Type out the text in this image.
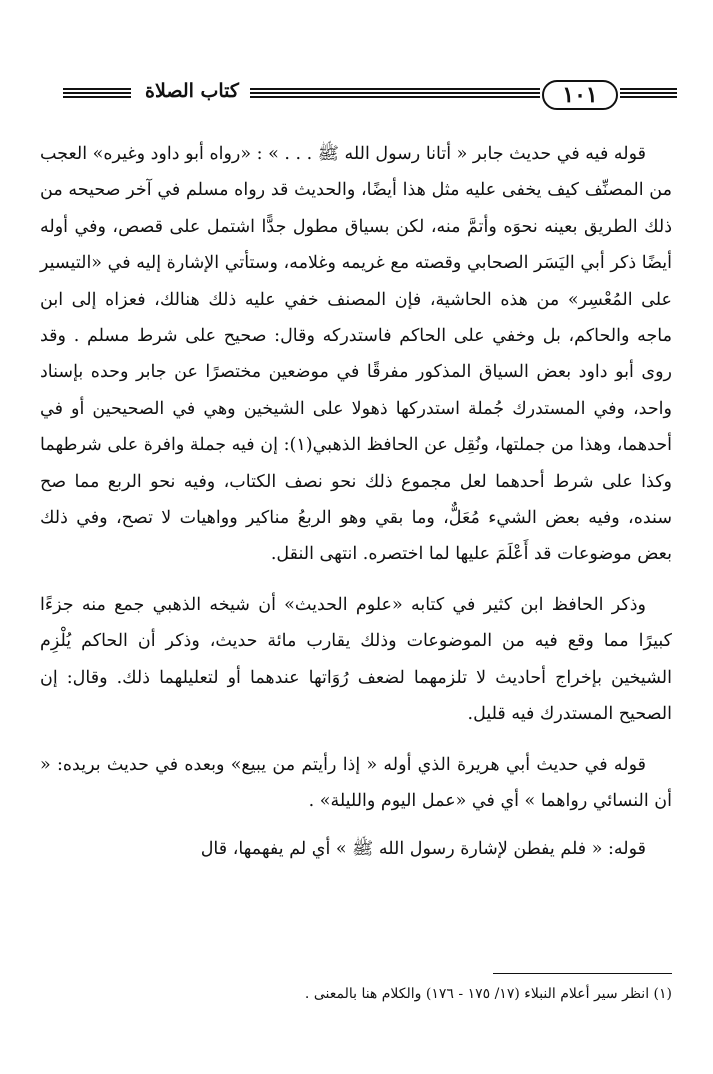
كتاب الصلاة	١٠١

قوله فيه في حديث جابر « أتانا رسول الله ﷺ . . . » : «رواه أبو داود وغيره» العجب من المصنِّف كيف يخفى عليه مثل هذا أيضًا، والحديث قد رواه مسلم في آخر صحيحه من ذلك الطريق بعينه نحوَه وأتمَّ منه، لكن بسياق مطول جدًّا اشتمل على قصص، وفي أوله أيضًا ذكر أبي اليَسَر الصحابي وقصته مع غريمه وغلامه، وستأتي الإشارة إليه في «التيسير على المُعْسِر» من هذه الحاشية، فإن المصنف خفي عليه ذلك هنالك، فعزاه إلى ابن ماجه والحاكم، بل وخفي على الحاكم فاستدركه وقال: صحيح على شرط مسلم . وقد روى أبو داود بعض السياق المذكور مفرقًا في موضعين مختصرًا عن جابر وحده بإسناد واحد، وفي المستدرك جُملة استدركها ذهولا على الشيخين وهي في الصحيحين أو في أحدهما، وهذا من جملتها، ونُقِل عن الحافظ الذهبي(١): إن فيه جملة وافرة على شرطهما وكذا على شرط أحدهما لعل مجموع ذلك نحو نصف الكتاب، وفيه نحو الربع مما صح سنده، وفيه بعض الشيء مُعَلٌّ، وما بقي وهو الربعُ مناكير وواهيات لا تصح، وفي ذلك بعض موضوعات قد أَعْلَمَ عليها لما اختصره. انتهى النقل.

وذكر الحافظ ابن كثير في كتابه «علوم الحديث» أن شيخه الذهبي جمع منه جزءًا كبيرًا مما وقع فيه من الموضوعات وذلك يقارب مائة حديث، وذكر أن الحاكم يُلْزِم الشيخين بإخراج أحاديث لا تلزمهما لضعف رُوَاتها عندهما أو لتعليلهما ذلك. وقال: إن الصحيح المستدرك فيه قليل.

قوله في حديث أبي هريرة الذي أوله « إذا رأيتم من يبيع» وبعده في حديث بريده: « أن النسائي رواهما » أي في «عمل اليوم والليلة» .

قوله: « فلم يفطن لإشارة رسول الله ﷺ » أي لم يفهمها، قال

(١) انظر سير أعلام النبلاء (١٧/ ١٧٥ - ١٧٦) والكلام هنا بالمعنى .
